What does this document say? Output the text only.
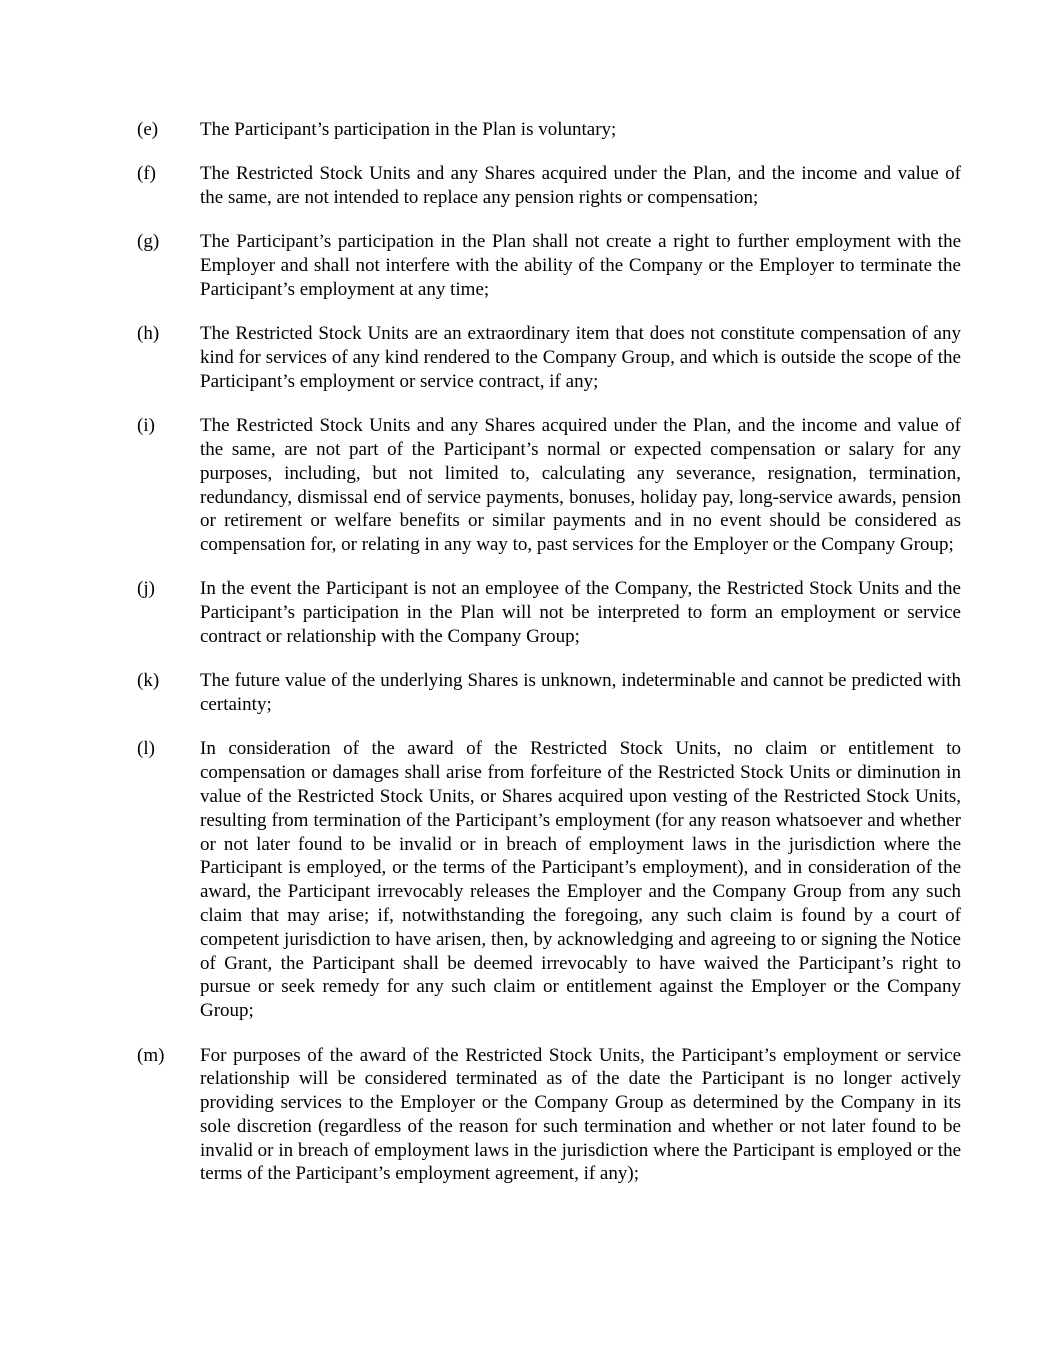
(e)	The Participant’s participation in the Plan is voluntary;
(f)	The Restricted Stock Units and any Shares acquired under the Plan, and the income and value of the same, are not intended to replace any pension rights or compensation;
(g)	The Participant’s participation in the Plan shall not create a right to further employment with the Employer and shall not interfere with the ability of the Company or the Employer to terminate the Participant’s employment at any time;
(h)	The Restricted Stock Units are an extraordinary item that does not constitute compensation of any kind for services of any kind rendered to the Company Group, and which is outside the scope of the Participant’s employment or service contract, if any;
(i)	The Restricted Stock Units and any Shares acquired under the Plan, and the income and value of the same, are not part of the Participant’s normal or expected compensation or salary for any purposes, including, but not limited to, calculating any severance, resignation, termination, redundancy, dismissal end of service payments, bonuses, holiday pay, long-service awards, pension or retirement or welfare benefits or similar payments and in no event should be considered as compensation for, or relating in any way to, past services for the Employer or the Company Group;
(j)	In the event the Participant is not an employee of the Company, the Restricted Stock Units and the Participant’s participation in the Plan will not be interpreted to form an employment or service contract or relationship with the Company Group;
(k)	The future value of the underlying Shares is unknown, indeterminable and cannot be predicted with certainty;
(l)	In consideration of the award of the Restricted Stock Units, no claim or entitlement to compensation or damages shall arise from forfeiture of the Restricted Stock Units or diminution in value of the Restricted Stock Units, or Shares acquired upon vesting of the Restricted Stock Units, resulting from termination of the Participant’s employment (for any reason whatsoever and whether or not later found to be invalid or in breach of employment laws in the jurisdiction where the Participant is employed, or the terms of the Participant’s employment), and in consideration of the award, the Participant irrevocably releases the Employer and the Company Group from any such claim that may arise; if, notwithstanding the foregoing, any such claim is found by a court of competent jurisdiction to have arisen, then, by acknowledging and agreeing to or signing the Notice of Grant, the Participant shall be deemed irrevocably to have waived the Participant’s right to pursue or seek remedy for any such claim or entitlement against the Employer or the Company Group;
(m)	For purposes of the award of the Restricted Stock Units, the Participant’s employment or service relationship will be considered terminated as of the date the Participant is no longer actively providing services to the Employer or the Company Group as determined by the Company in its sole discretion (regardless of the reason for such termination and whether or not later found to be invalid or in breach of employment laws in the jurisdiction where the Participant is employed or the terms of the Participant’s employment agreement, if any);
